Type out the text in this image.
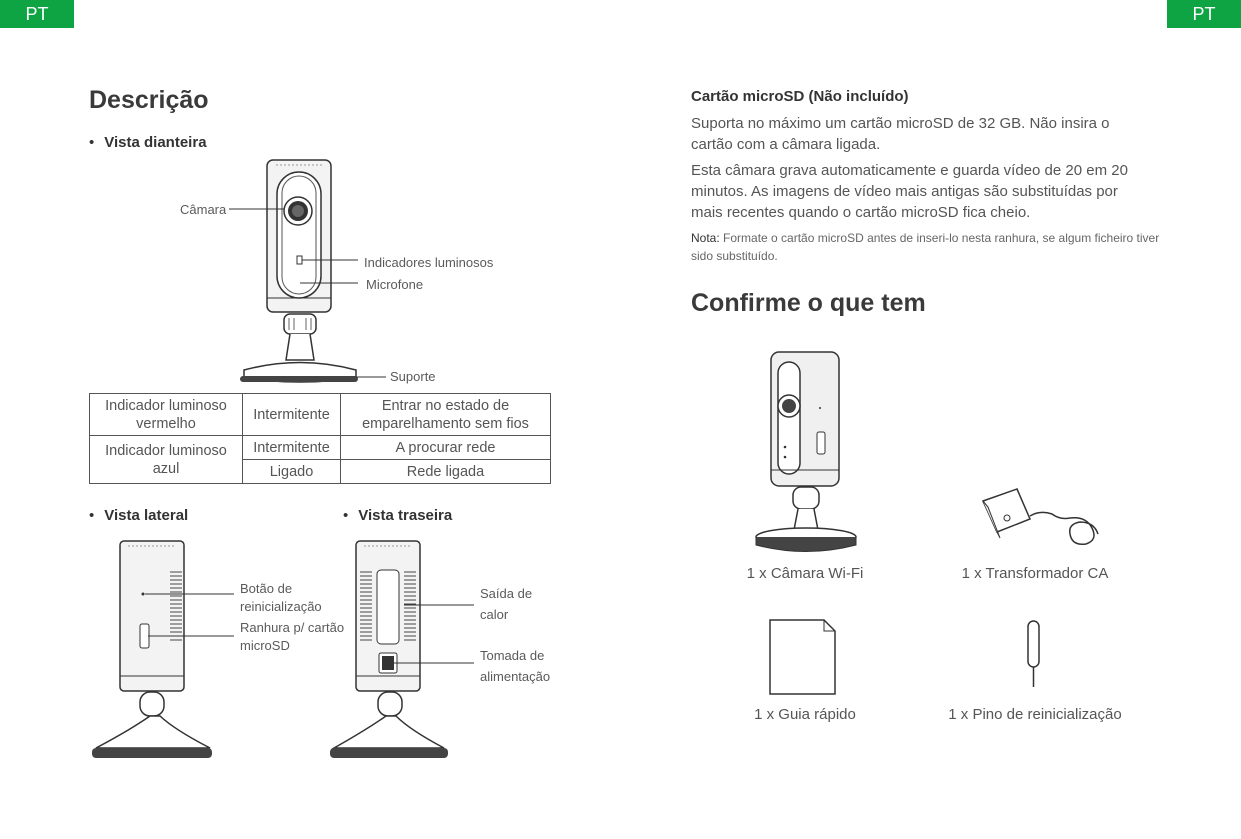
PT	PT
Descrição
• Vista dianteira
Câmara
Indicadores luminosos
Microfone
Suporte
Indicador luminoso vermelho	Intermitente	Entrar no estado de emparelhamento sem fios
Indicador luminoso azul	Intermitente	A procurar rede
	Ligado	Rede ligada
• Vista lateral	• Vista traseira
Botão de reinicialização
Ranhura p/ cartão microSD
Saída de calor
Tomada de alimentação
Cartão microSD (Não incluído)
Suporta no máximo um cartão microSD de 32 GB. Não insira o cartão com a câmara ligada.
Esta câmara grava automaticamente e guarda vídeo de 20 em 20 minutos. As imagens de vídeo mais antigas são substituídas por mais recentes quando o cartão microSD fica cheio.
Nota: Formate o cartão microSD antes de inseri-lo nesta ranhura, se algum ficheiro tiver sido substituído.
Confirme o que tem
1 x Câmara Wi-Fi	1 x Transformador CA
1 x Guia rápido	1 x Pino de reinicialização
